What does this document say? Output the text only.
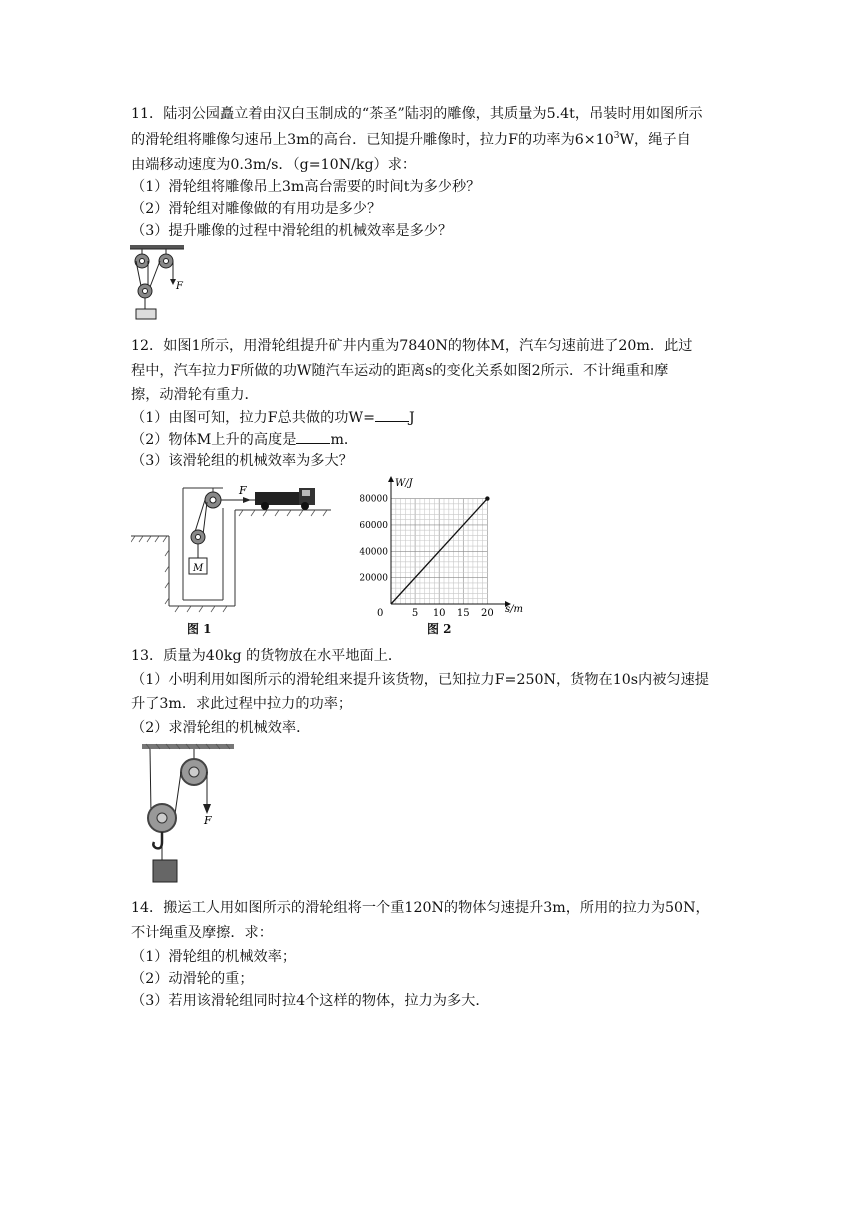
11．陆羽公园矗立着由汉白玉制成的“茶圣”陆羽的雕像，其质量为5.4t，吊装时用如图所示
的滑轮组将雕像匀速吊上3m的高台．已知提升雕像时，拉力F的功率为$6\times 10^3W$，绳子自
由端移动速度为0.3m/s．（g=10N/kg）求：
（1）滑轮组将雕像吊上3m高台需要的时间t为多少秒？
（2）滑轮组对雕像做的有用功是多少？
（3）提升雕像的过程中滑轮组的机械效率是多少？
F
12．如图1所示，用滑轮组提升矿井内重为7840N的物体M，汽车匀速前进了20m．此过
程中，汽车拉力F所做的功W随汽车运动的距离s的变化关系如图2所示．不计绳重和摩
擦，动滑轮有重力．
（1）由图可知，拉力F总共做的功W= J
（2）物体M上升的高度是 m．
（3）该滑轮组的机械效率为多大？
F
M
图 1
5 10 15 20
20000
40000
60000
80000
0	s/m
W/J
图 2
13．质量为40kg 的货物放在水平地面上．
（1）小明利用如图所示的滑轮组来提升该货物，已知拉力F=250N，货物在10s内被匀速提
升了3m．求此过程中拉力的功率；
（2）求滑轮组的机械效率．
F
14．搬运工人用如图所示的滑轮组将一个重120N的物体匀速提升3m，所用的拉力为50N，
不计绳重及摩擦．求：
（1）滑轮组的机械效率；
（2）动滑轮的重；
（3）若用该滑轮组同时拉4个这样的物体，拉力为多大．
